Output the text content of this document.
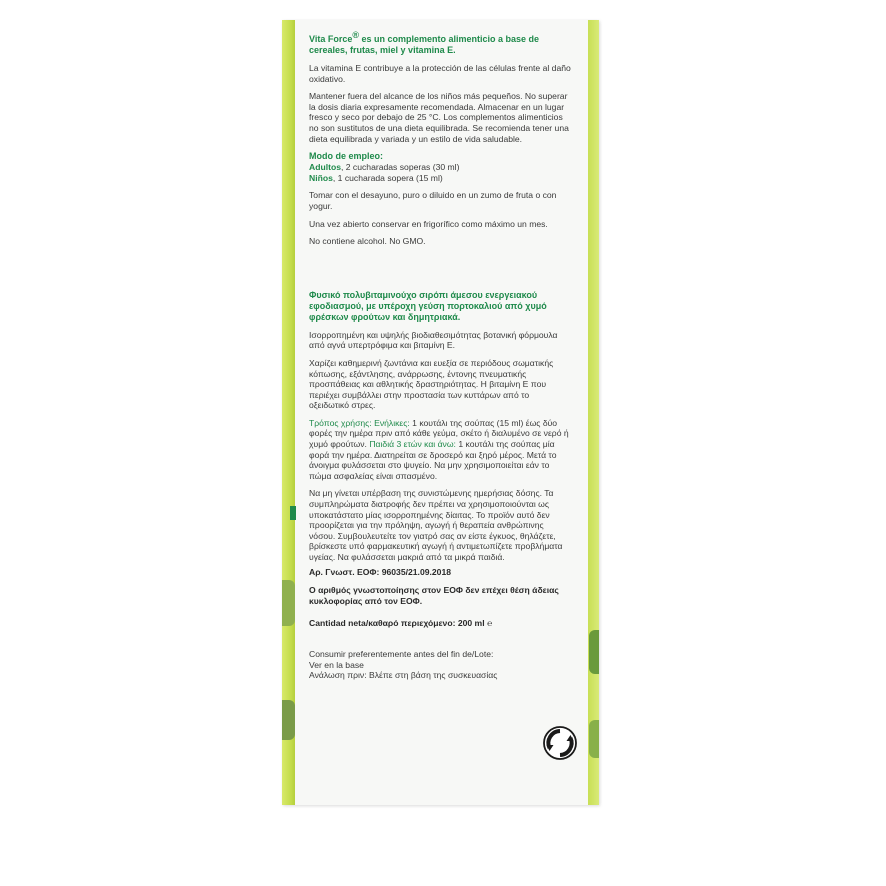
Vita Force® es un complemento alimenticio a base de cereales, frutas, miel y vitamina E.

La vitamina E contribuye a la protección de las células frente al daño oxidativo.

Mantener fuera del alcance de los niños más pequeños. No superar la dosis diaria expresamente recomendada. Almacenar en un lugar fresco y seco por debajo de 25 °C. Los complementos alimenticios no son sustitutos de una dieta equilibrada. Se recomienda tener una dieta equilibrada y variada y un estilo de vida saludable.

Modo de empleo:
Adultos, 2 cucharadas soperas (30 ml)
Niños, 1 cucharada sopera (15 ml)

Tomar con el desayuno, puro o diluido en un zumo de fruta o con yogur.

Una vez abierto conservar en frigorífico como máximo un mes.

No contiene alcohol. No GMO.

Φυσικό πολυβιταμινούχο σιρόπι άμεσου ενεργειακού εφοδιασμού, με υπέροχη γεύση πορτοκαλιού από χυμό φρέσκων φρούτων και δημητριακά.

Ισορροπημένη και υψηλής βιοδιαθεσιμότητας βοτανική φόρμουλα από αγνά υπερτρόφιμα και βιταμίνη Ε.

Χαρίζει καθημερινή ζωντάνια και ευεξία σε περιόδους σωματικής κόπωσης, εξάντλησης, ανάρρωσης, έντονης πνευματικής προσπάθειας και αθλητικής δραστηριότητας. Η βιταμίνη Ε που περιέχει συμβάλλει στην προστασία των κυττάρων από το οξειδωτικό στρες.

Τρόπος χρήσης: Ενήλικες: 1 κουτάλι της σούπας (15 ml) έως δύο φορές την ημέρα πριν από κάθε γεύμα, σκέτο ή διαλυμένο σε νερό ή χυμό φρούτων. Παιδιά 3 ετών και άνω: 1 κουτάλι της σούπας μία φορά την ημέρα. Διατηρείται σε δροσερό και ξηρό μέρος. Μετά το άνοιγμα φυλάσσεται στο ψυγείο. Να μην χρησιμοποιείται εάν το πώμα ασφαλείας είναι σπασμένο.

Να μη γίνεται υπέρβαση της συνιστώμενης ημερήσιας δόσης. Τα συμπληρώματα διατροφής δεν πρέπει να χρησιμοποιούνται ως υποκατάστατο μίας ισορροπημένης δίαιτας. Το προϊόν αυτό δεν προορίζεται για την πρόληψη, αγωγή ή θεραπεία ανθρώπινης νόσου. Συμβουλευτείτε τον γιατρό σας αν είστε έγκυος, θηλάζετε, βρίσκεστε υπό φαρμακευτική αγωγή ή αντιμετωπίζετε προβλήματα υγείας. Να φυλάσσεται μακριά από τα μικρά παιδιά.

Αρ. Γνωστ. ΕΟΦ: 96035/21.09.2018

Ο αριθμός γνωστοποίησης στον ΕΟΦ δεν επέχει θέση άδειας κυκλοφορίας από τον ΕΟΦ.

Cantidad neta/καθαρό περιεχόμενο: 200 ml ℮

Consumir preferentemente antes del fin de/Lote:
Ver en la base
Ανάλωση πριν: Βλέπε στη βάση της συσκευασίας
